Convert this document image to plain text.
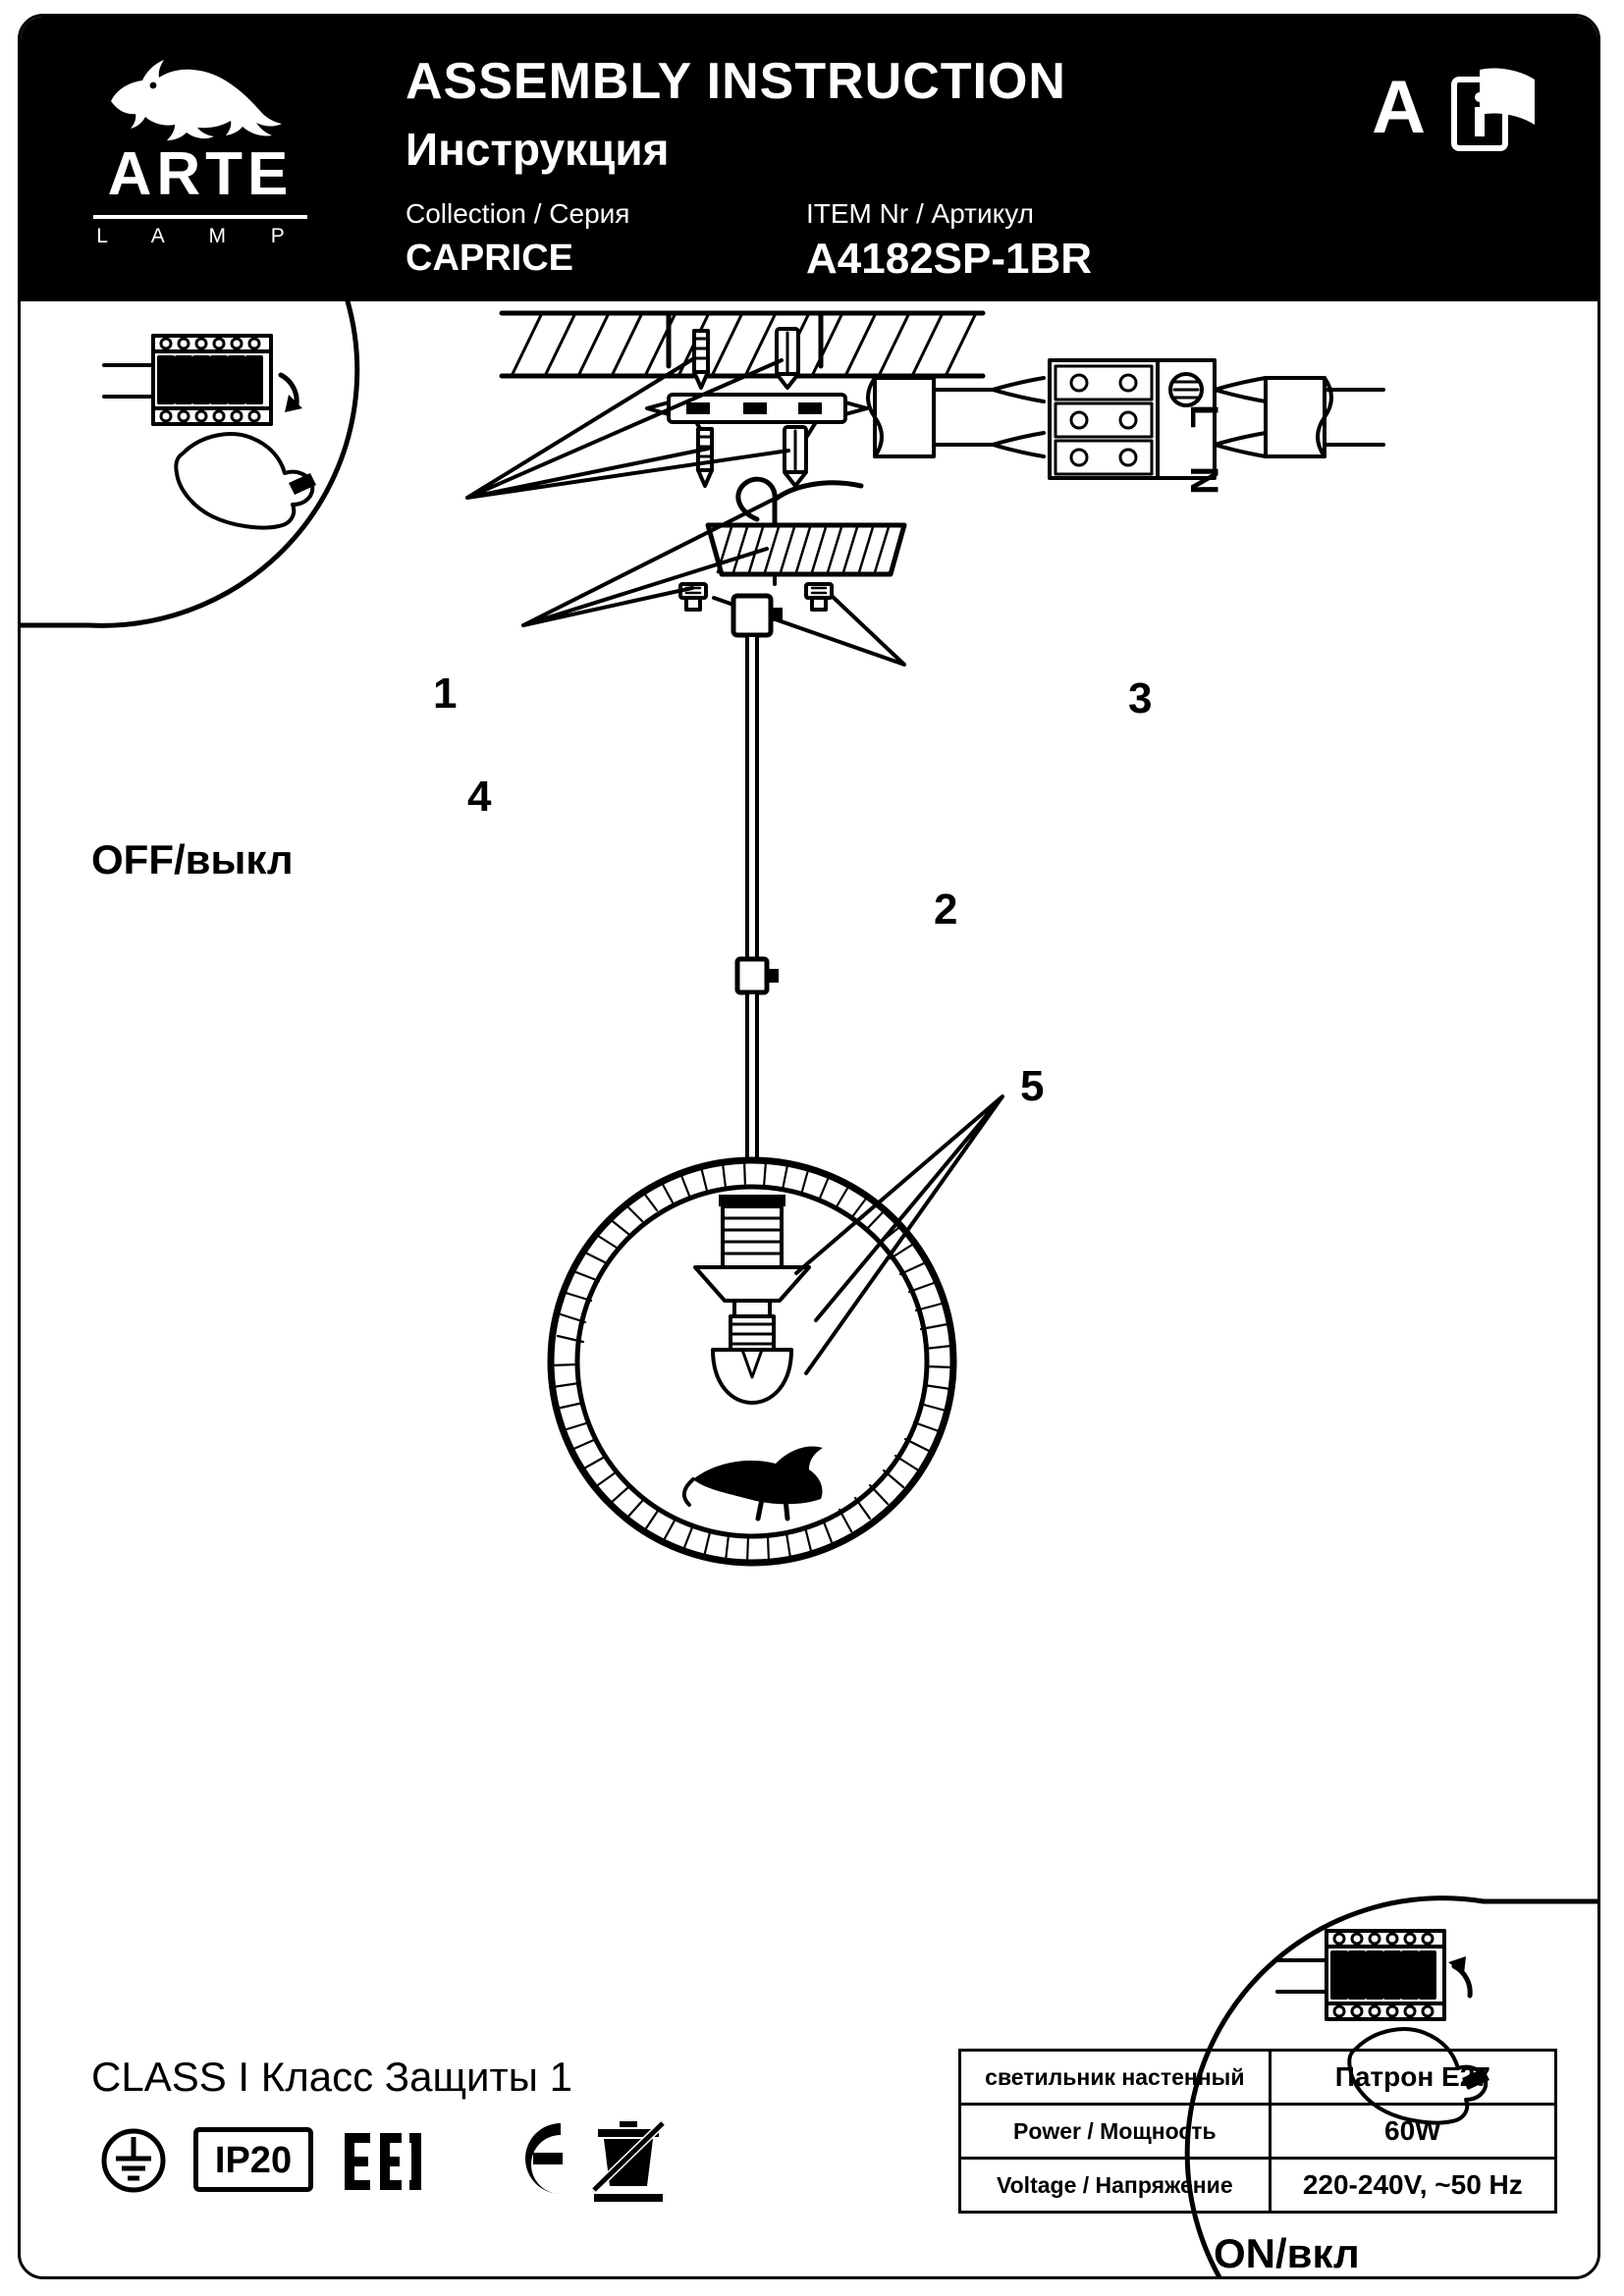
ARTE
L A M P
ASSEMBLY INSTRUCTION
Инструкция
Collection / Серия
CAPRICE
ITEM Nr / Артикул
A4182SP-1BR
A
L
N
1
2
3
4
5
OFF/выкл
ON/вкл
CLASS I Класс Защиты 1
IP20
светильник настенный	Патрон E27
Power / Мощность	60W
Voltage / Напряжение	220-240V, ~50 Hz
